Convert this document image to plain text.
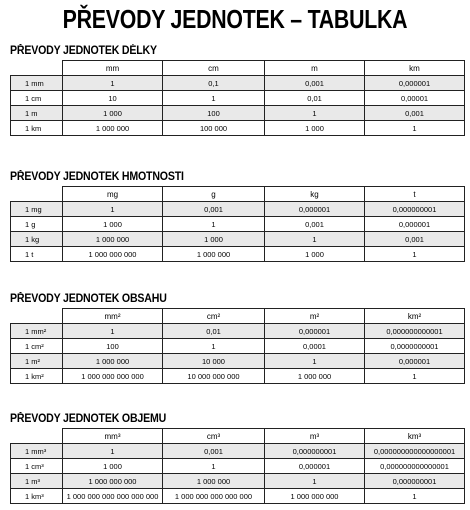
PŘEVODY JEDNOTEK – TABULKA
PŘEVODY JEDNOTEK DÉLKY
	mm	cm	m	km
1 mm	1	0,1	0,001	0,000001
1 cm	10	1	0,01	0,00001
1 m	1 000	100	1	0,001
1 km	1 000 000	100 000	1 000	1
PŘEVODY JEDNOTEK HMOTNOSTI
	mg	g	kg	t
1 mg	1	0,001	0,000001	0,000000001
1 g	1 000	1	0,001	0,000001
1 kg	1 000 000	1 000	1	0,001
1 t	1 000 000 000	1 000 000	1 000	1
PŘEVODY JEDNOTEK OBSAHU
	mm²	cm²	m²	km²
1 mm²	1	0,01	0,000001	0,000000000001
1 cm²	100	1	0,0001	0,0000000001
1 m²	1 000 000	10 000	1	0,000001
1 km²	1 000 000 000 000	10 000 000 000	1 000 000	1
PŘEVODY JEDNOTEK OBJEMU
	mm³	cm³	m³	km³
1 mm³	1	0,001	0,000000001	0,000000000000000001
1 cm³	1 000	1	0,000001	0,000000000000001
1 m³	1 000 000 000	1 000 000	1	0,000000001
1 km³	1 000 000 000 000 000 000	1 000 000 000 000 000	1 000 000 000	1
